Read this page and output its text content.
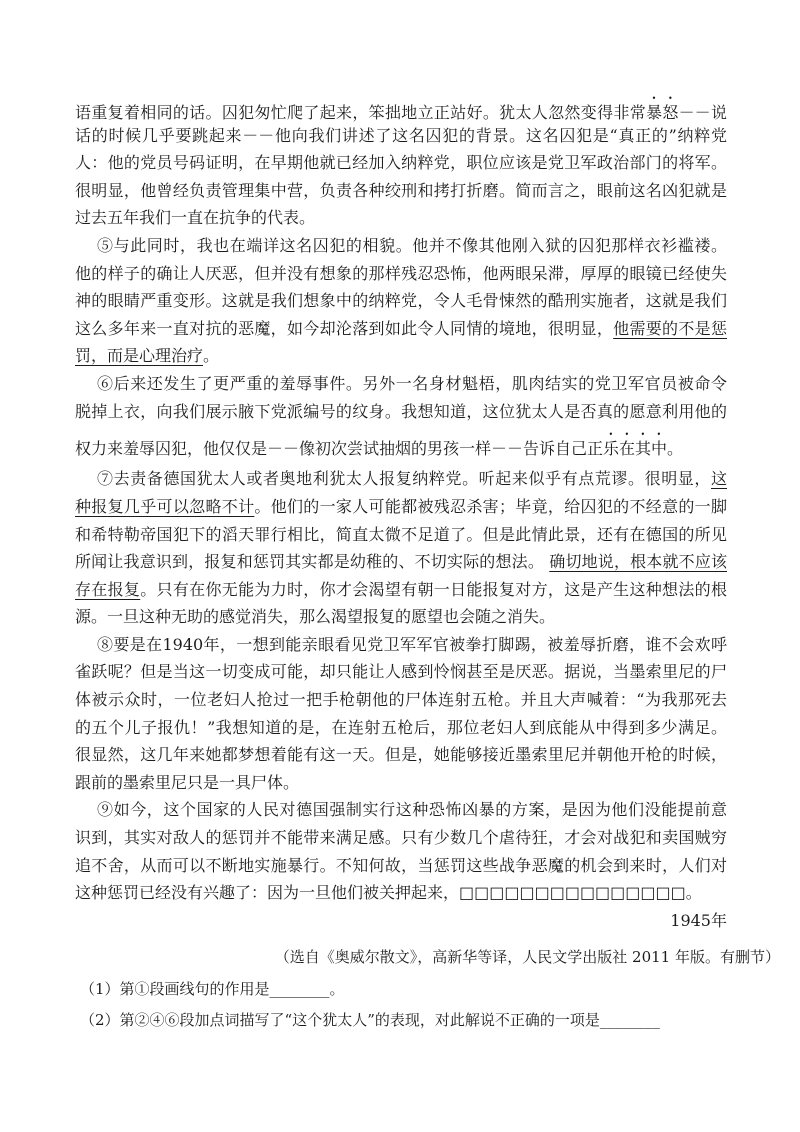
语重复着相同的话。囚犯匆忙爬了起来，笨拙地立正站好。犹太人忽然变得非常暴怒－－说
话的时候几乎要跳起来－－他向我们讲述了这名囚犯的背景。这名囚犯是“真正的”纳粹党
人：他的党员号码证明，在早期他就已经加入纳粹党，职位应该是党卫军政治部门的将军。
很明显，他曾经负责管理集中营，负责各种绞刑和拷打折磨。简而言之，眼前这名凶犯就是
过去五年我们一直在抗争的代表。
⑤与此同时，我也在端详这名囚犯的相貌。他并不像其他刚入狱的囚犯那样衣衫褴褛。
他的样子的确让人厌恶，但并没有想象的那样残忍恐怖，他两眼呆滞，厚厚的眼镜已经使失
神的眼睛严重变形。这就是我们想象中的纳粹党，令人毛骨悚然的酷刑实施者，这就是我们
这么多年来一直对抗的恶魔，如今却沦落到如此令人同情的境地，很明显，他需要的不是惩
罚，而是心理治疗。
⑥后来还发生了更严重的羞辱事件。另外一名身材魁梧，肌肉结实的党卫军官员被命令
脱掉上衣，向我们展示腋下党派编号的纹身。我想知道，这位犹太人是否真的愿意利用他的
权力来羞辱囚犯，他仅仅是－－像初次尝试抽烟的男孩一样－－告诉自己正乐在其中。
⑦去责备德国犹太人或者奥地利犹太人报复纳粹党。听起来似乎有点荒谬。很明显，这
种报复几乎可以忽略不计。他们的一家人可能都被残忍杀害；毕竟，给囚犯的不经意的一脚
和希特勒帝国犯下的滔天罪行相比，简直太微不足道了。但是此情此景，还有在德国的所见
所闻让我意识到，报复和惩罚其实都是幼稚的、不切实际的想法。 确切地说，根本就不应该
存在报复。只有在你无能为力时，你才会渴望有朝一日能报复对方，这是产生这种想法的根
源。一旦这种无助的感觉消失，那么渴望报复的愿望也会随之消失。
⑧要是在1940年，一想到能亲眼看见党卫军军官被拳打脚踢，被羞辱折磨，谁不会欢呼
雀跃呢？但是当这一切变成可能，却只能让人感到怜悯甚至是厌恶。据说，当墨索里尼的尸
体被示众时，一位老妇人抢过一把手枪朝他的尸体连射五枪。并且大声喊着：“为我那死去
的五个儿子报仇！”我想知道的是，在连射五枪后，那位老妇人到底能从中得到多少满足。
很显然，这几年来她都梦想着能有这一天。但是，她能够接近墨索里尼并朝他开枪的时候，
跟前的墨索里尼只是一具尸体。
⑨如今，这个国家的人民对德国强制实行这种恐怖凶暴的方案，是因为他们没能提前意
识到，其实对敌人的惩罚并不能带来满足感。只有少数几个虐待狂，才会对战犯和卖国贼穷
追不舍，从而可以不断地实施暴行。不知何故，当惩罚这些战争恶魔的机会到来时，人们对
这种惩罚已经没有兴趣了：因为一旦他们被关押起来，□□□□□□□□□□□□□□□。
1945年
（选自《奥威尔散文》，高新华等译，人民文学出版社 2011 年版。有删节）
（1）第①段画线句的作用是________。
（2）第②④⑥段加点词描写了“这个犹太人”的表现，对此解说不正确的一项是________
